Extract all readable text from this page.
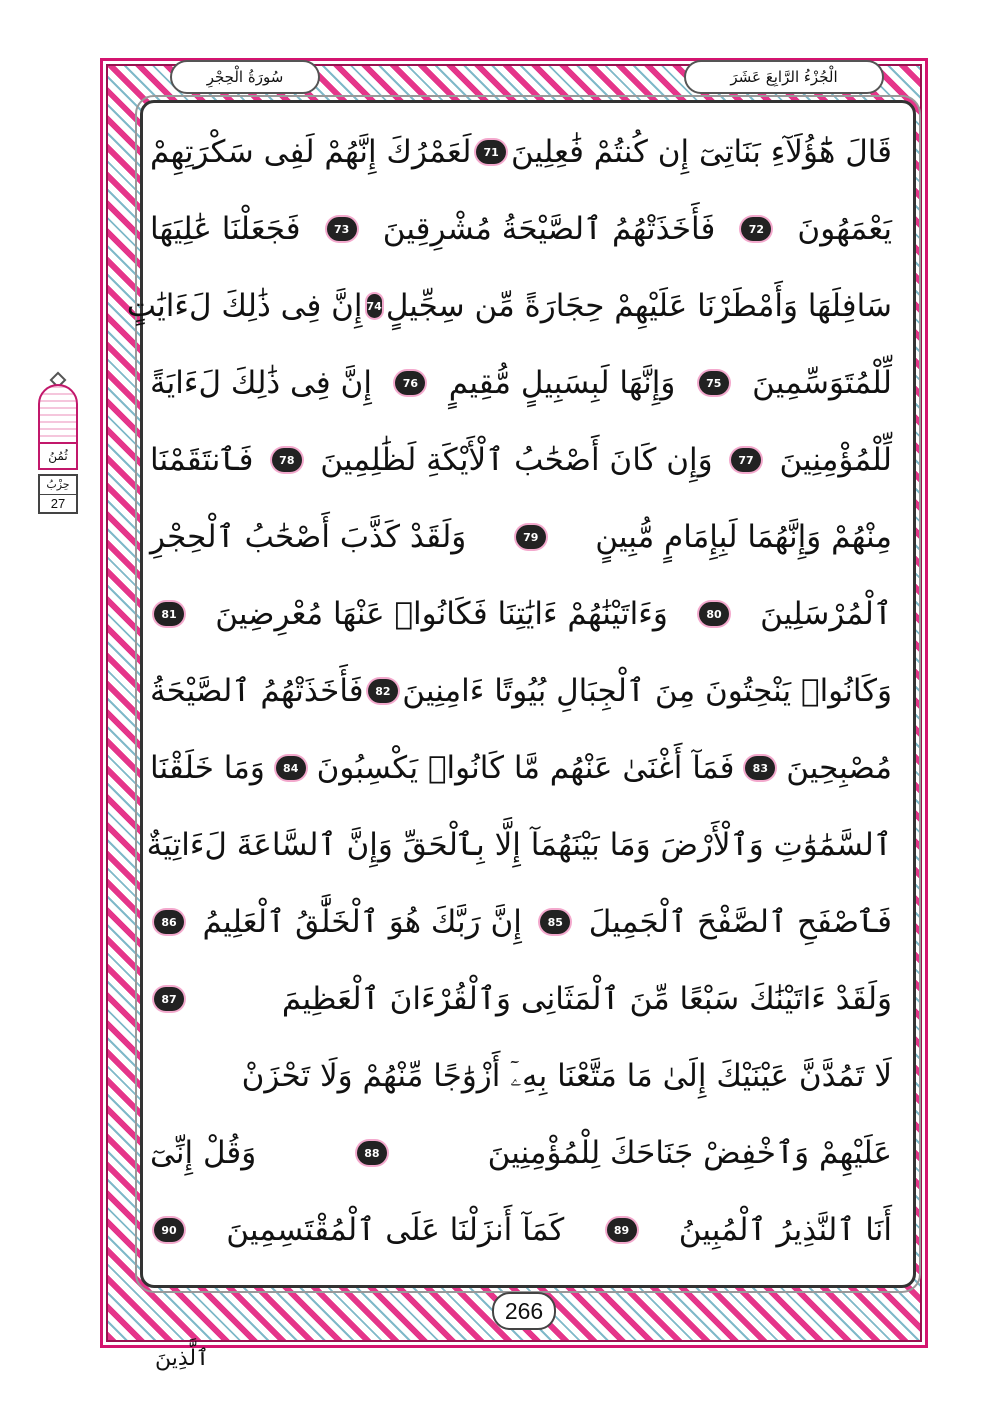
الْجُزْءُ الرَّابِعَ عَشَرَ
سُورَةُ الْحِجْرِ
قَالَ هَٰٓؤُلَآءِ بَنَاتِىٓ إِن كُنتُمْ فَٰعِلِينَ
71
لَعَمْرُكَ إِنَّهُمْ لَفِى سَكْرَتِهِمْ
يَعْمَهُونَ
72
فَأَخَذَتْهُمُ ٱلصَّيْحَةُ مُشْرِقِينَ
73
فَجَعَلْنَا عَٰلِيَهَا
سَافِلَهَا وَأَمْطَرْنَا عَلَيْهِمْ حِجَارَةً مِّن سِجِّيلٍ
74
إِنَّ فِى ذَٰلِكَ لَءَايَٰتٍ
لِّلْمُتَوَسِّمِينَ
75
وَإِنَّهَا لَبِسَبِيلٍ مُّقِيمٍ
76
إِنَّ فِى ذَٰلِكَ لَءَايَةً
لِّلْمُؤْمِنِينَ
77
وَإِن كَانَ أَصْحَٰبُ ٱلْأَيْكَةِ لَظَٰلِمِينَ
78
فَٱنتَقَمْنَا
مِنْهُمْ وَإِنَّهُمَا لَبِإِمَامٍ مُّبِينٍ
79
وَلَقَدْ كَذَّبَ أَصْحَٰبُ ٱلْحِجْرِ
ٱلْمُرْسَلِينَ
80
وَءَاتَيْنَٰهُمْ ءَايَٰتِنَا فَكَانُوا۟ عَنْهَا مُعْرِضِينَ
81
وَكَانُوا۟ يَنْحِتُونَ مِنَ ٱلْجِبَالِ بُيُوتًا ءَامِنِينَ
82
فَأَخَذَتْهُمُ ٱلصَّيْحَةُ
مُصْبِحِينَ
83
فَمَآ أَغْنَىٰ عَنْهُم مَّا كَانُوا۟ يَكْسِبُونَ
84
وَمَا خَلَقْنَا
ٱلسَّمَٰوَٰتِ وَٱلْأَرْضَ وَمَا بَيْنَهُمَآ إِلَّا بِٱلْحَقِّ وَإِنَّ ٱلسَّاعَةَ لَءَاتِيَةٌ
فَٱصْفَحِ ٱلصَّفْحَ ٱلْجَمِيلَ
85
إِنَّ رَبَّكَ هُوَ ٱلْخَلَّٰقُ ٱلْعَلِيمُ
86
وَلَقَدْ ءَاتَيْنَٰكَ سَبْعًا مِّنَ ٱلْمَثَانِى وَٱلْقُرْءَانَ ٱلْعَظِيمَ
87
لَا تَمُدَّنَّ عَيْنَيْكَ إِلَىٰ مَا مَتَّعْنَا بِهِۦٓ أَزْوَٰجًا مِّنْهُمْ وَلَا تَحْزَنْ
عَلَيْهِمْ وَٱخْفِضْ جَنَاحَكَ لِلْمُؤْمِنِينَ
88
وَقُلْ إِنِّىٓ
أَنَا ٱلنَّذِيرُ ٱلْمُبِينُ
89
كَمَآ أَنزَلْنَا عَلَى ٱلْمُقْتَسِمِينَ
90
266
ٱلَّذِينَ
ثُمُنُ
حِزْبُ
27
